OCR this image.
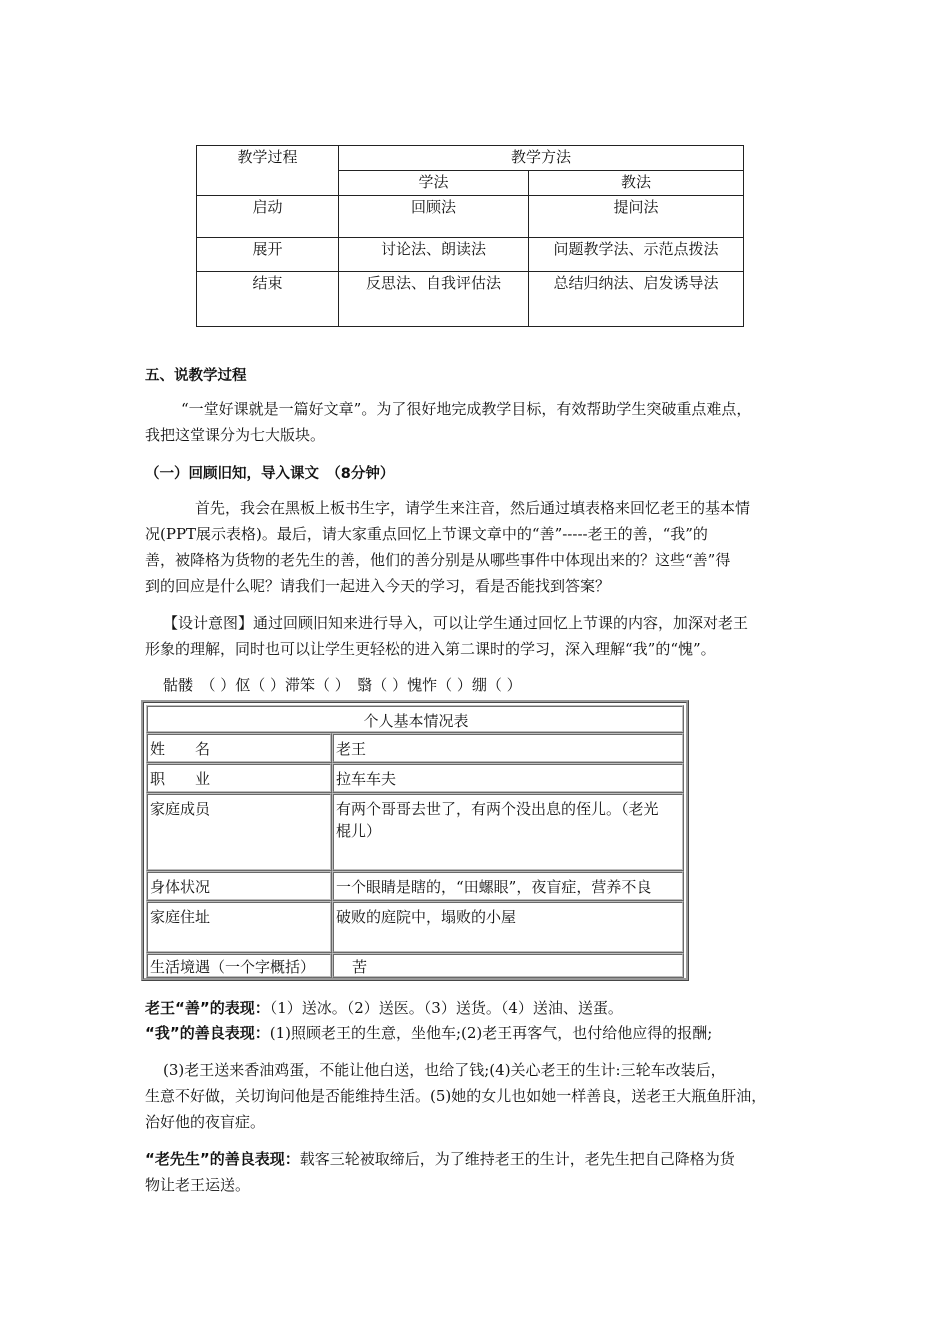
教学过程	教学方法	
	学法	教法
启动	回顾法	提问法
展开	讨论法、朗读法	问题教学法、示范点拨法
结束	反思法、自我评估法	总结归纳法、启发诱导法
五、说教学过程
“一堂好课就是一篇好文章”。为了很好地完成教学目标，有效帮助学生突破重点难点，
我把这堂课分为七大版块。
（一）回顾旧知，导入课文　（8分钟）
首先，我会在黑板上板书生字，请学生来注音，然后通过填表格来回忆老王的基本情
况(PPT展示表格)。最后，请大家重点回忆上节课文章中的“善”-----老王的善，“我”的
善，被降格为货物的老先生的善，他们的善分别是从哪些事件中体现出来的？这些“善”得
到的回应是什么呢？请我们一起进入今天的学习，看是否能找到答案？
【设计意图】通过回顾旧知来进行导入，可以让学生通过回忆上节课的内容，加深对老王
形象的理解，同时也可以让学生更轻松的进入第二课时的学习，深入理解“我”的“愧”。
骷髅　（ ）伛（ ）滞笨（ ）　翳（ ）愧怍（ ）绷（ ）
个人基本情况表
姓　　名	老王
职　　业	拉车车夫
家庭成员	有两个哥哥去世了，有两个没出息的侄儿。（老光
棍儿）
身体状况	一个眼睛是瞎的，“田螺眼”，夜盲症，营养不良
家庭住址	破败的庭院中，塌败的小屋
生活境遇（一个字概括）	苦
老王“善”的表现：（1）送冰。（2）送医。（3）送货。（4）送油、送蛋。
“我”的善良表现：(1)照顾老王的生意，坐他车;(2)老王再客气，也付给他应得的报酬;
(3)老王送来香油鸡蛋，不能让他白送，也给了钱;(4)关心老王的生计:三轮车改装后，
生意不好做，关切询问他是否能维持生活。(5)她的女儿也如她一样善良，送老王大瓶鱼肝油，
治好他的夜盲症。
“老先生”的善良表现：载客三轮被取缔后，为了维持老王的生计，老先生把自己降格为货
物让老王运送。
